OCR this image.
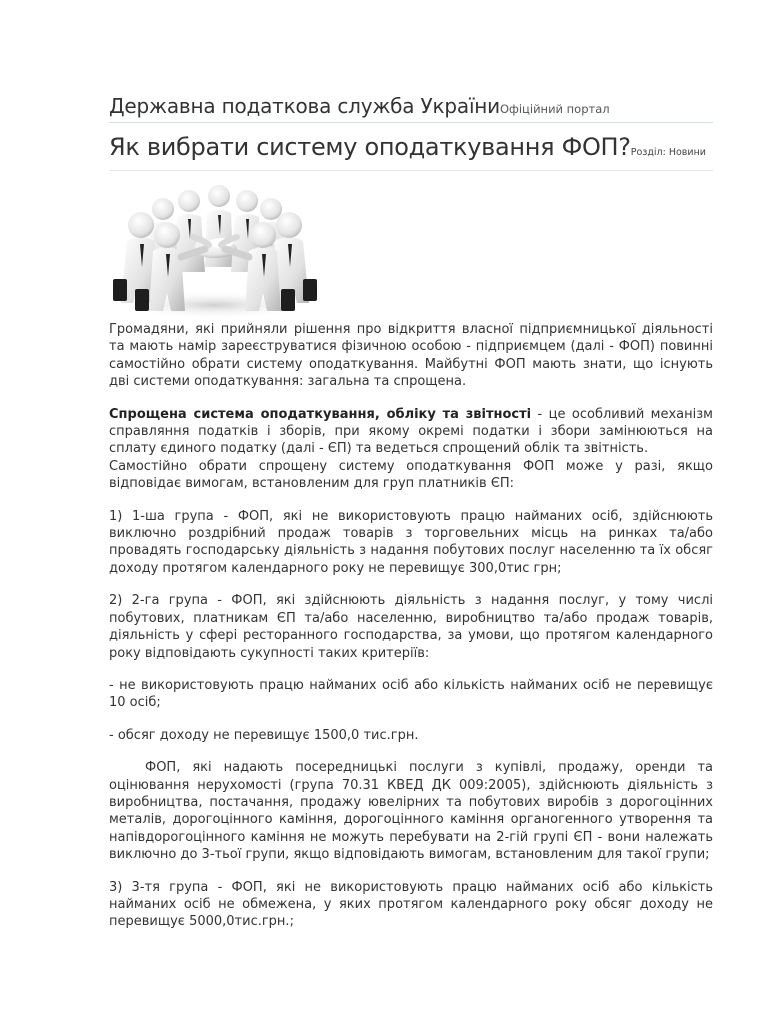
Державна податкова служба УкраїниОфіційний портал
Як вибрати систему оподаткування ФОП?Розділ: Новини

Громадяни, які прийняли рішення про відкриття власної підприємницької діяльності та мають намір зареєструватися фізичною особою - підприємцем (далі - ФОП) повинні самостійно обрати систему оподаткування. Майбутні ФОП мають знати, що існують дві системи оподаткування: загальна та спрощена.

Спрощена система оподаткування, обліку та звітності - це особливий механізм справляння податків і зборів, при якому окремі податки і збори замінюються на сплату єдиного податку (далі - ЄП) та ведеться спрощений облік та звітність.

Самостійно обрати спрощену систему оподаткування ФОП може у разі, якщо відповідає вимогам, встановленим для груп платників ЄП:

1) 1-ша група - ФОП, які не використовують працю найманих осіб, здійснюють виключно роздрібний продаж товарів з торговельних місць на ринках та/або провадять господарську діяльність з надання побутових послуг населенню та їх обсяг доходу протягом календарного року не перевищує 300,0тис грн;

2) 2-га група - ФОП, які здійснюють діяльність з надання послуг, у тому числі побутових, платникам ЄП та/або населенню, виробництво та/або продаж товарів, діяльність у сфері ресторанного господарства, за умови, що протягом календарного року відповідають сукупності таких критеріїв:

- не використовують працю найманих осіб або кількість найманих осіб не перевищує 10 осіб;

- обсяг доходу не перевищує 1500,0 тис.грн.

ФОП, які надають посередницькі послуги з купівлі, продажу, оренди та оцінювання нерухомості (група 70.31 КВЕД ДК 009:2005), здійснюють діяльність з виробництва, постачання, продажу ювелірних та побутових виробів з дорогоцінних металів, дорогоцінного каміння, дорогоцінного каміння органогенного утворення та напівдорогоцінного каміння не можуть перебувати на 2-гій групі ЄП - вони належать виключно до 3-тьої групи, якщо відповідають вимогам, встановленим для такої групи;

3) 3-тя група - ФОП, які не використовують працю найманих осіб або кількість найманих осіб не обмежена, у яких протягом календарного року обсяг доходу не перевищує 5000,0тис.грн.;
